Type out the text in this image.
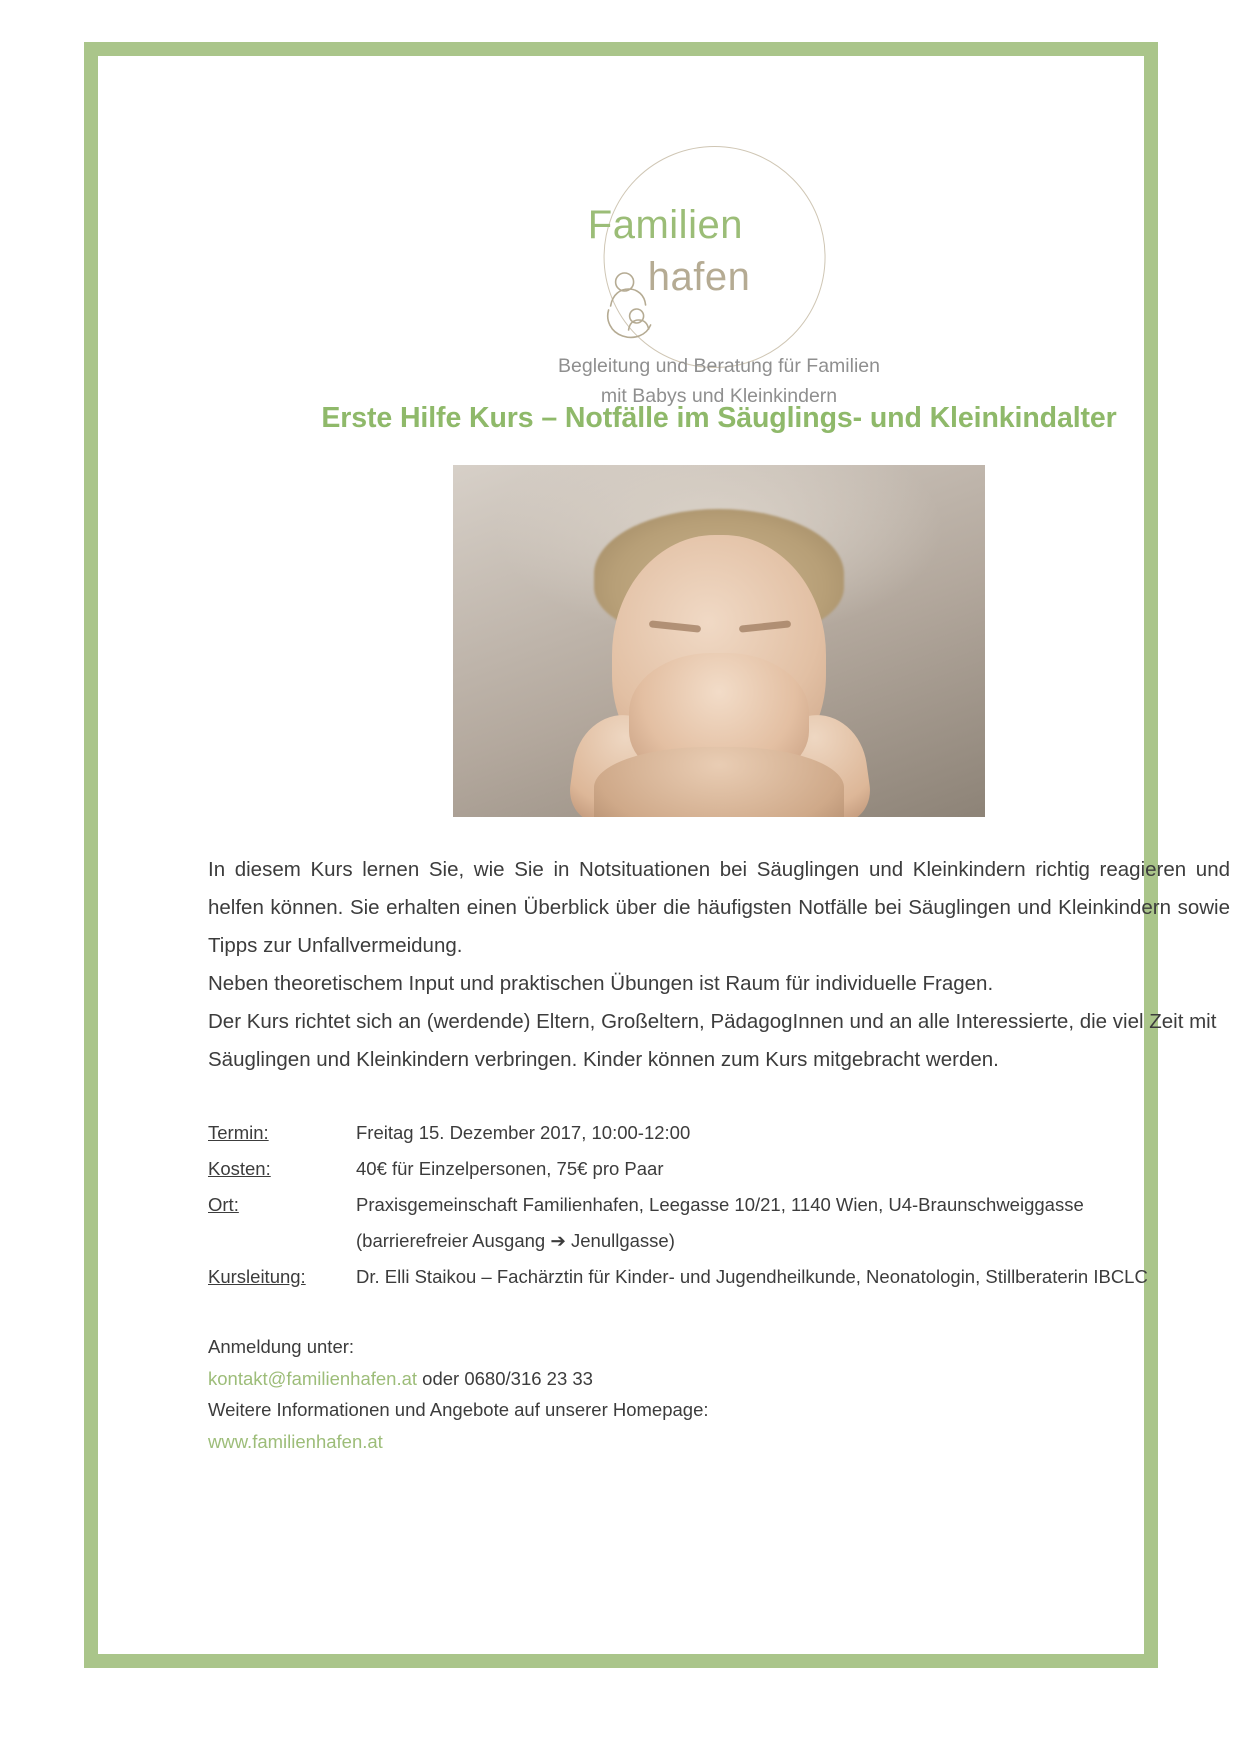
Familien
hafen
Begleitung und Beratung für Familien
mit Babys und Kleinkindern
Erste Hilfe Kurs – Notfälle im Säuglings- und Kleinkindalter

In diesem Kurs lernen Sie, wie Sie in Notsituationen bei Säuglingen und Kleinkindern richtig reagieren und helfen können. Sie erhalten einen Überblick über die häufigsten Notfälle bei Säuglingen und Kleinkindern sowie Tipps zur Unfallvermeidung.

Neben theoretischem Input und praktischen Übungen ist Raum für individuelle Fragen.

Der Kurs richtet sich an (werdende) Eltern, Großeltern, PädagogInnen und an alle Interessierte, die viel Zeit mit Säuglingen und Kleinkindern verbringen. Kinder können zum Kurs mitgebracht werden.

Termin:	Freitag 15. Dezember 2017, 10:00-12:00
Kosten:	40€ für Einzelpersonen, 75€ pro Paar
Ort:	Praxisgemeinschaft Familienhafen, Leegasse 10/21, 1140 Wien, U4-Braunschweiggasse
(barrierefreier Ausgang ➔ Jenullgasse)
Kursleitung:	Dr. Elli Staikou – Fachärztin für Kinder- und Jugendheilkunde, Neonatologin, Stillberaterin IBCLC
Anmeldung unter:
kontakt@familienhafen.at oder 0680/316 23 33
Weitere Informationen und Angebote auf unserer Homepage:
www.familienhafen.at
